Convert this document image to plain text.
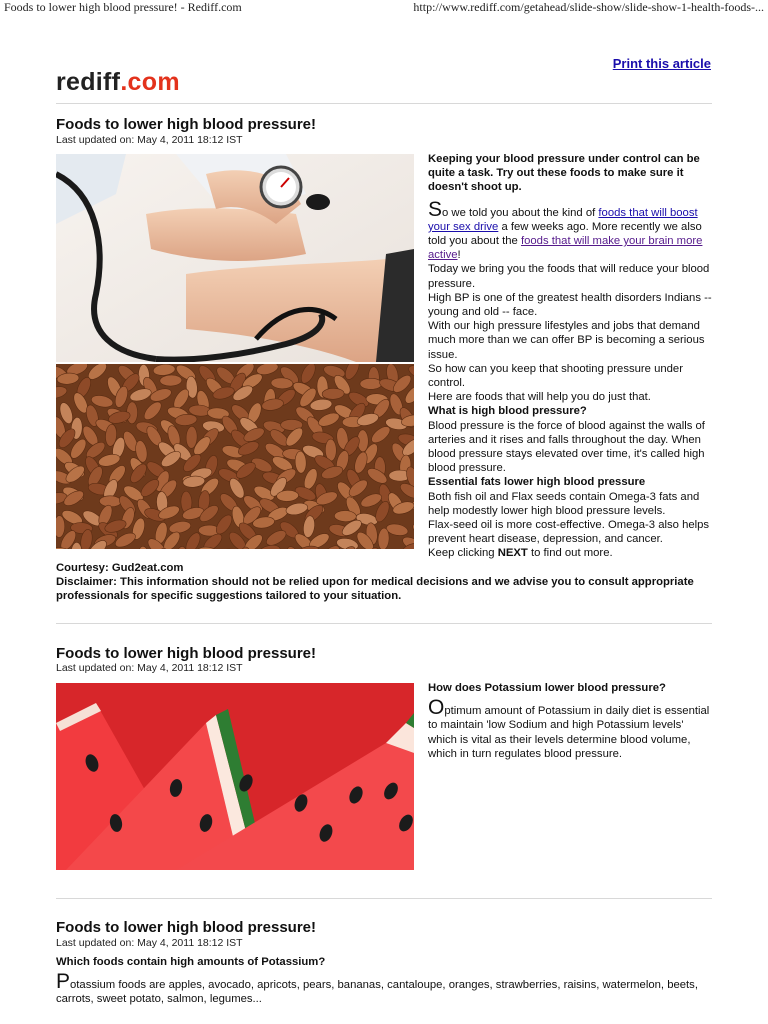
Foods to lower high blood pressure! - Rediff.com	http://www.rediff.com/getahead/slide-show/slide-show-1-health-foods-...
Print this article
rediff.com
Foods to lower high blood pressure!
Last updated on: May 4, 2011 18:12 IST

Keeping your blood pressure under control can be quite a task. Try out these foods to make sure it doesn't shoot up.

So we told you about the kind of foods that will boost your sex drive a few weeks ago. More recently we also told you about the foods that will make your brain more active!

Today we bring you the foods that will reduce your blood pressure.

High BP is one of the greatest health disorders Indians -- young and old -- face.

With our high pressure lifestyles and jobs that demand much more than we can offer BP is becoming a serious issue.

So how can you keep that shooting pressure under control.

Here are foods that will help you do just that.

What is high blood pressure?

Blood pressure is the force of blood against the walls of arteries and it rises and falls throughout the day. When blood pressure stays elevated over time, it's called high blood pressure.

Essential fats lower high blood pressure

Both fish oil and Flax seeds contain Omega-3 fats and help modestly lower high blood pressure levels.

Flax-seed oil is more cost-effective. Omega-3 also helps prevent heart disease, depression, and cancer.

Keep clicking NEXT to find out more.

Courtesy: Gud2eat.com
Disclaimer: This information should not be relied upon for medical decisions and we advise you to consult appropriate professionals for specific suggestions tailored to your situation.
Foods to lower high blood pressure!
Last updated on: May 4, 2011 18:12 IST

How does Potassium lower blood pressure?

Optimum amount of Potassium in daily diet is essential to maintain 'low Sodium and high Potassium levels' which is vital as their levels determine blood volume, which in turn regulates blood pressure.

Foods to lower high blood pressure!
Last updated on: May 4, 2011 18:12 IST

Which foods contain high amounts of Potassium?

Potassium foods are apples, avocado, apricots, pears, bananas, cantaloupe, oranges, strawberries, raisins, watermelon, beets, carrots, sweet potato, salmon, legumes...
